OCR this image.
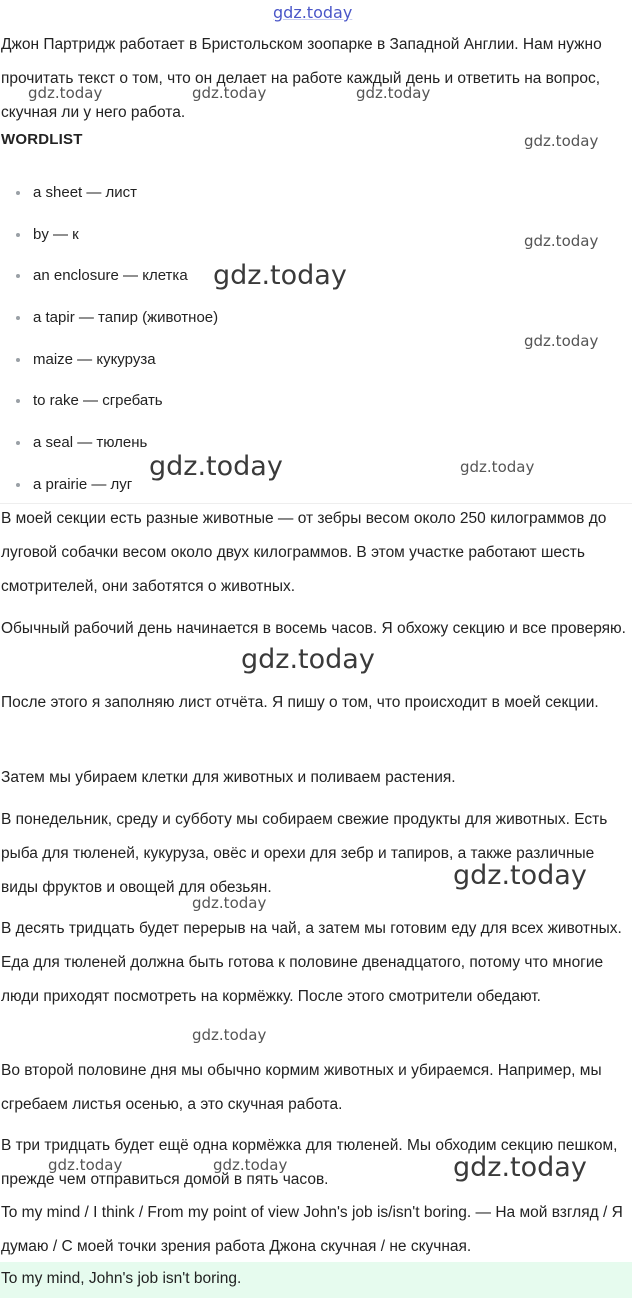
Джон Партридж работает в Бристольском зоопарке в Западной Англии. Нам нужно прочитать текст о том, что он делает на работе каждый день и ответить на вопрос, скучная ли у него работа.
WORDLIST
a sheet — лист
by — к
an enclosure — клетка
a tapir — тапир (животное)
maize — кукуруза
to rake — сгребать
a seal — тюлень
a prairie — луг

В моей секции есть разные животные — от зебры весом около 250 килограммов до луговой собачки весом около двух килограммов. В этом участке работают шесть смотрителей, они заботятся о животных.

Обычный рабочий день начинается в восемь часов. Я обхожу секцию и все проверяю.

После этого я заполняю лист отчёта. Я пишу о том, что происходит в моей секции.

Затем мы убираем клетки для животных и поливаем растения.

В понедельник, среду и субботу мы собираем свежие продукты для животных. Есть рыба для тюленей, кукуруза, овёс и орехи для зебр и тапиров, а также различные виды фруктов и овощей для обезьян.

В десять тридцать будет перерыв на чай, а затем мы готовим еду для всех животных. Еда для тюленей должна быть готова к половине двенадцатого, потому что многие люди приходят посмотреть на кормёжку. После этого смотрители обедают.

Во второй половине дня мы обычно кормим животных и убираемся. Например, мы сгребаем листья осенью, а это скучная работа.

В три тридцать будет ещё одна кормёжка для тюленей. Мы обходим секцию пешком, прежде чем отправиться домой в пять часов.

To my mind / I think / From my point of view John's job is/isn't boring. — На мой взгляд / Я думаю / С моей точки зрения работа Джона скучная / не скучная.

To my mind, John's job isn't boring.
gdz.today
gdz.today	gdz.today	gdz.today
gdz.today
gdz.today
gdz.today
gdz.today
gdz.today	gdz.today
gdz.today
gdz.today
gdz.today
gdz.today
gdz.today	gdz.today	gdz.today
